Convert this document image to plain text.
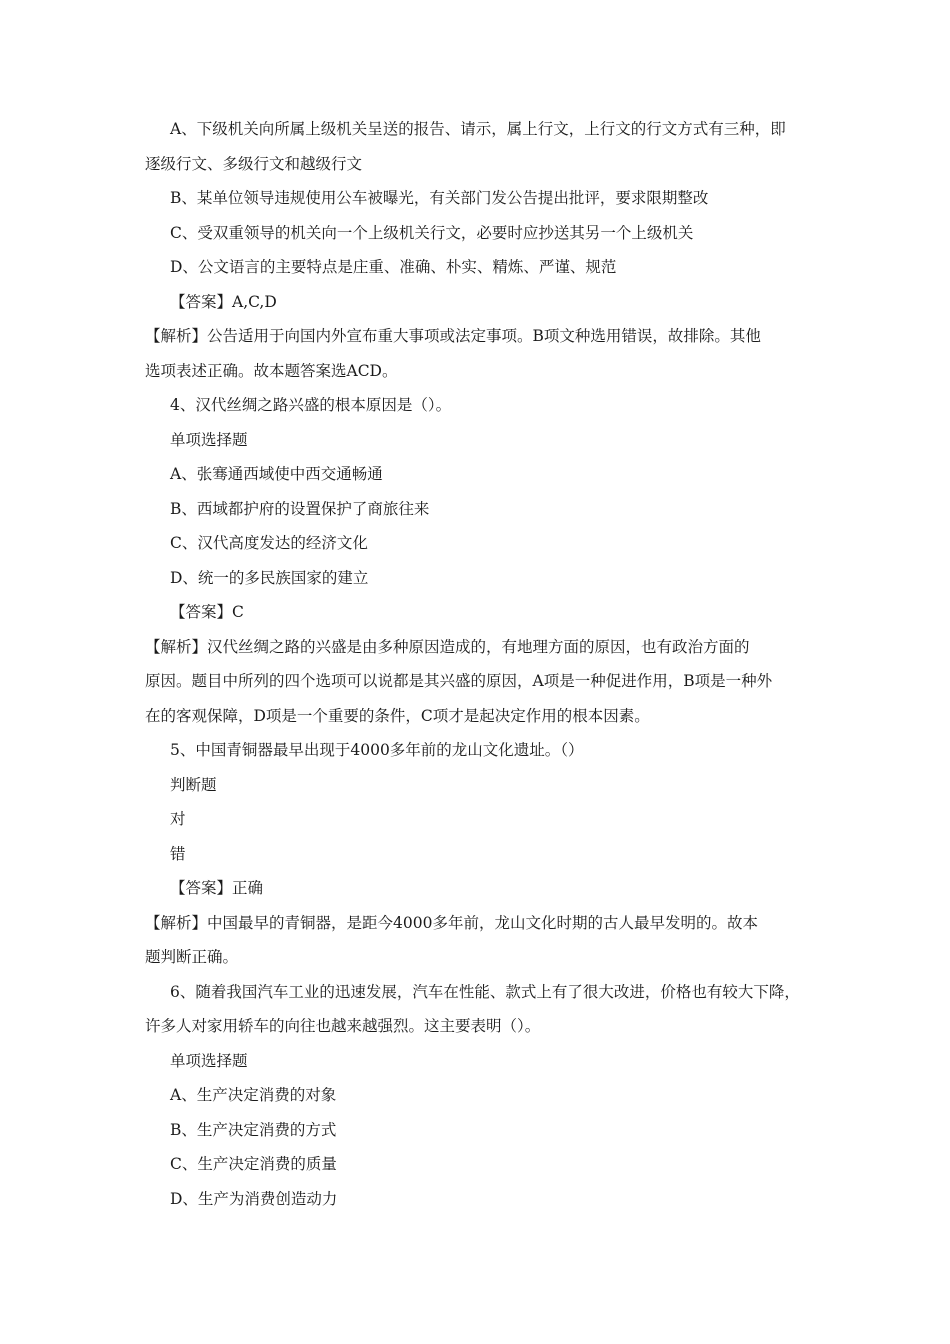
A、下级机关向所属上级机关呈送的报告、请示，属上行文，上行文的行文方式有三种，即
逐级行文、多级行文和越级行文
B、某单位领导违规使用公车被曝光，有关部门发公告提出批评，要求限期整改
C、受双重领导的机关向一个上级机关行文，必要时应抄送其另一个上级机关
D、公文语言的主要特点是庄重、准确、朴实、精炼、严谨、规范
【答案】A,C,D
【解析】公告适用于向国内外宣布重大事项或法定事项。B项文种选用错误，故排除。其他
选项表述正确。故本题答案选ACD。
4、汉代丝绸之路兴盛的根本原因是（）。
单项选择题
A、张骞通西域使中西交通畅通
B、西域都护府的设置保护了商旅往来
C、汉代高度发达的经济文化
D、统一的多民族国家的建立
【答案】C
【解析】汉代丝绸之路的兴盛是由多种原因造成的，有地理方面的原因，也有政治方面的
原因。题目中所列的四个选项可以说都是其兴盛的原因，A项是一种促进作用，B项是一种外
在的客观保障，D项是一个重要的条件，C项才是起决定作用的根本因素。
5、中国青铜器最早出现于4000多年前的龙山文化遗址。（）
判断题
对
错
【答案】正确
【解析】中国最早的青铜器，是距今4000多年前，龙山文化时期的古人最早发明的。故本
题判断正确。
6、随着我国汽车工业的迅速发展，汽车在性能、款式上有了很大改进，价格也有较大下降，
许多人对家用轿车的向往也越来越强烈。这主要表明（）。
单项选择题
A、生产决定消费的对象
B、生产决定消费的方式
C、生产决定消费的质量
D、生产为消费创造动力
